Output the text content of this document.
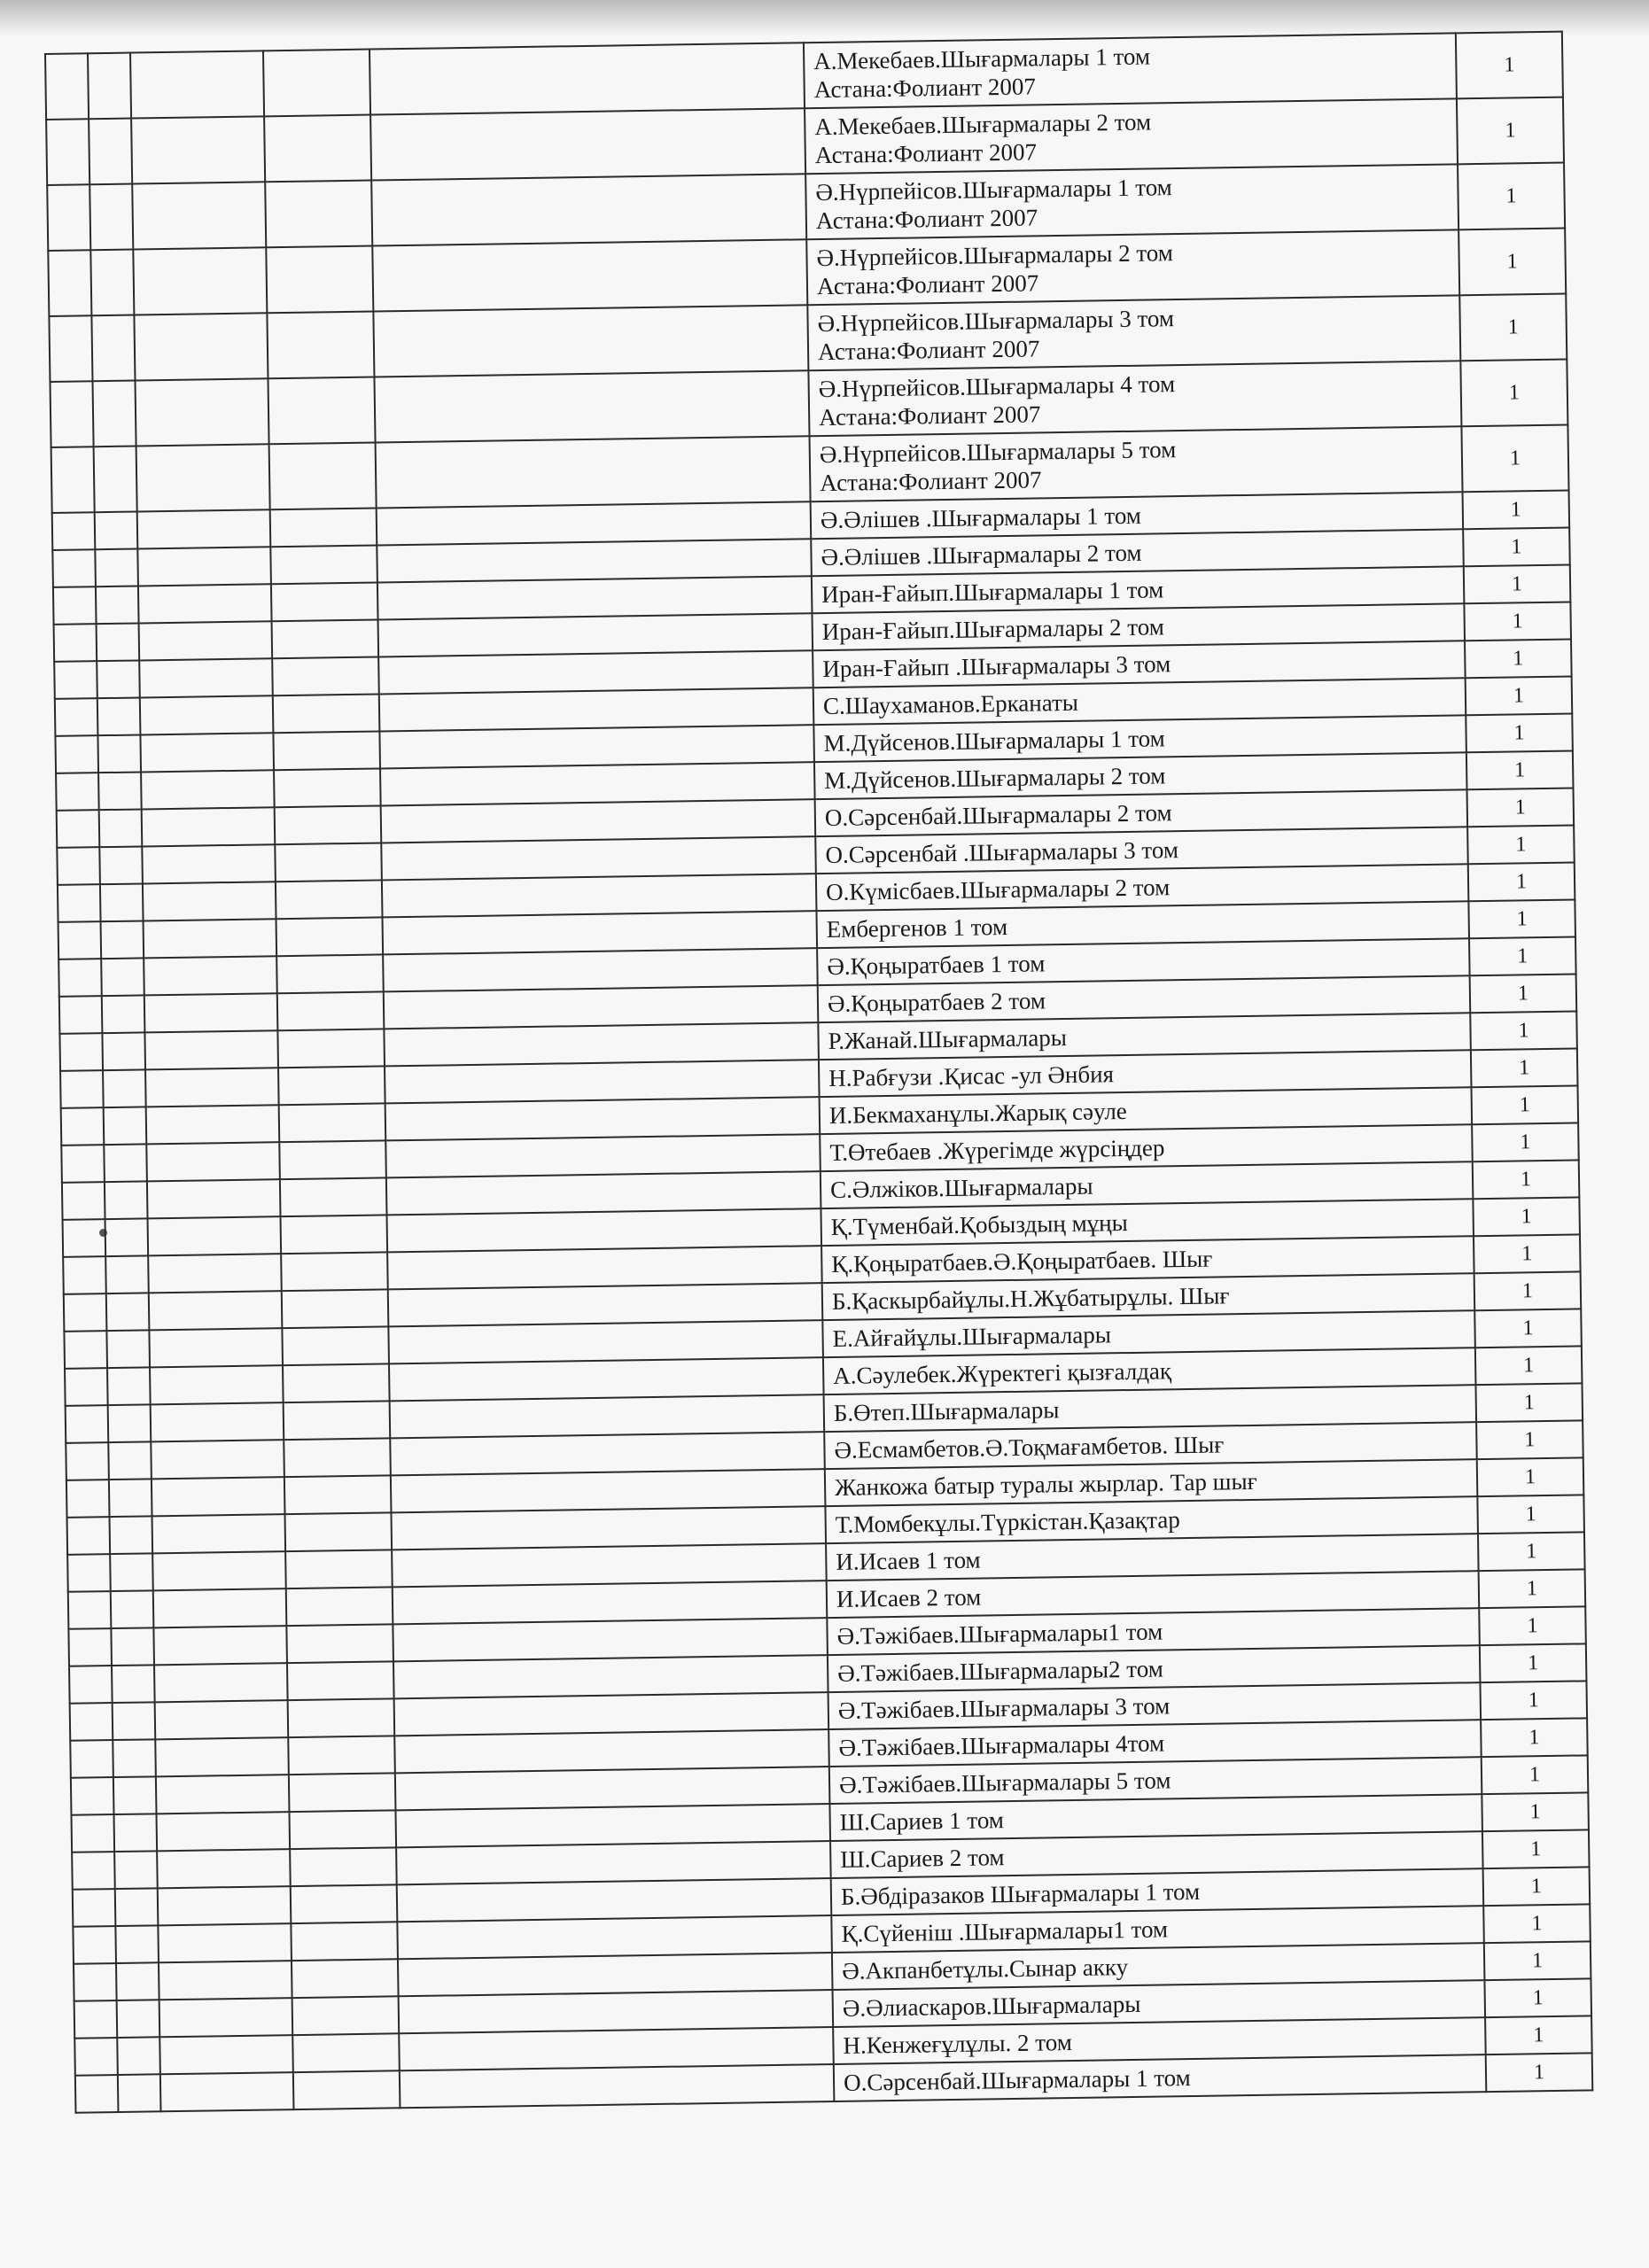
					А.Мекебаев.Шығармалары 1 том
Астана:Фолиант 2007	1
					А.Мекебаев.Шығармалары 2 том
Астана:Фолиант 2007	1
					Ә.Нүрпейісов.Шығармалары 1 том
Астана:Фолиант 2007	1
					Ә.Нүрпейісов.Шығармалары 2 том
Астана:Фолиант 2007	1
					Ә.Нүрпейісов.Шығармалары 3 том
Астана:Фолиант 2007	1
					Ә.Нүрпейісов.Шығармалары 4 том
Астана:Фолиант 2007	1
					Ә.Нүрпейісов.Шығармалары 5 том
Астана:Фолиант 2007	1
					Ә.Әлішев .Шығармалары 1 том	1
					Ә.Әлішев .Шығармалары 2 том	1
					Иран-Ғайып.Шығармалары 1 том	1
					Иран-Ғайып.Шығармалары 2 том	1
					Иран-Ғайып .Шығармалары 3 том	1
					С.Шаухаманов.Ерканаты	1
					М.Дүйсенов.Шығармалары 1 том	1
					М.Дүйсенов.Шығармалары 2 том	1
					О.Сәрсенбай.Шығармалары 2 том	1
					О.Сәрсенбай .Шығармалары 3 том	1
					О.Күмісбаев.Шығармалары 2 том	1
					Ембергенов 1 том	1
					Ә.Қоңыратбаев 1 том	1
					Ә.Қоңыратбаев 2 том	1
					Р.Жанай.Шығармалары	1
					Н.Рабғузи .Қисас -ул Әнбия	1
					И.Бекмаханұлы.Жарық сәуле	1
					Т.Өтебаев .Жүрегімде жүрсіңдер	1
					С.Әлжіков.Шығармалары	1
					Қ.Түменбай.Қобыздың мұңы	1
					Қ.Қоңыратбаев.Ә.Қоңыратбаев. Шығ	1
					Б.Қаскырбайұлы.Н.Жұбатырұлы. Шығ	1
					Е.Айғайұлы.Шығармалары	1
					А.Сәулебек.Жүректегі қызғалдақ	1
					Б.Өтеп.Шығармалары	1
					Ә.Есмамбетов.Ә.Тоқмағамбетов. Шығ	1
					Жанкожа батыр туралы жырлар. Тар шығ	1
					Т.Момбекұлы.Түркістан.Қазақтар	1
					И.Исаев 1 том	1
					И.Исаев 2 том	1
					Ә.Тәжібаев.Шығармалары1 том	1
					Ә.Тәжібаев.Шығармалары2 том	1
					Ә.Тәжібаев.Шығармалары 3 том	1
					Ә.Тәжібаев.Шығармалары 4том	1
					Ә.Тәжібаев.Шығармалары 5 том	1
					Ш.Сариев 1 том	1
					Ш.Сариев 2 том	1
					Б.Әбдіразаков Шығармалары 1 том	1
					Қ.Сүйеніш .Шығармалары1 том	1
					Ә.Акпанбетұлы.Сынар акку	1
					Ә.Әлиаскаров.Шығармалары	1
					Н.Кенжеғұлұлы. 2 том	1
					О.Сәрсенбай.Шығармалары 1 том	1
